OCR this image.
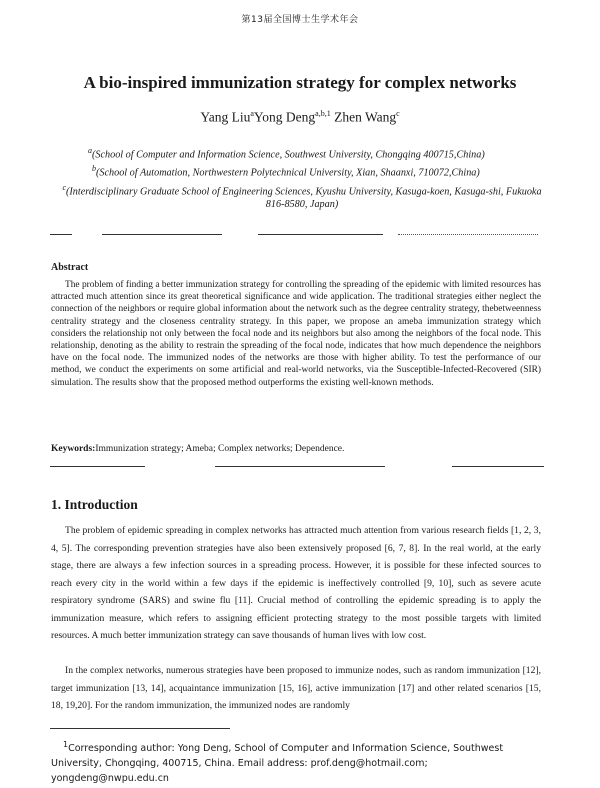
第13届全国博士生学术年会
A bio-inspired immunization strategy for complex networks
Yang Liu$^a$Yong Deng$^{a,b,1}$ Zhen Wang$^c$
$^a$(School of Computer and Information Science, Southwest University, Chongqing 400715,China)
$^b$(School of Automation, Northwestern Polytechnical University, Xian, Shaanxi, 710072,China)
$^c$(Interdisciplinary Graduate School of Engineering Sciences, Kyushu University, Kasuga-koen, Kasuga-shi, Fukuoka 816-8580, Japan)
Abstract
The problem of finding a better immunization strategy for controlling the spreading of the epidemic with limited resources has attracted much attention since its great theoretical significance and wide application. The traditional strategies either neglect the connection of the neighbors or require global information about the network such as the degree centrality strategy, thebetweenness centrality strategy and the closeness centrality strategy. In this paper, we propose an ameba immunization strategy which considers the relationship not only between the focal node and its neighbors but also among the neighbors of the focal node. This relationship, denoting as the ability to restrain the spreading of the focal node, indicates that how much dependence the neighbors have on the focal node. The immunized nodes of the networks are those with higher ability. To test the performance of our method, we conduct the experiments on some artificial and real-world networks, via the Susceptible-Infected-Recovered (SIR) simulation. The results show that the proposed method outperforms the existing well-known methods.
Keywords:Immunization strategy; Ameba; Complex networks; Dependence.
1. Introduction
The problem of epidemic spreading in complex networks has attracted much attention from various research fields [1, 2, 3, 4, 5]. The corresponding prevention strategies have also been extensively proposed [6, 7, 8]. In the real world, at the early stage, there are always a few infection sources in a spreading process. However, it is possible for these infected sources to reach every city in the world within a few days if the epidemic is ineffectively controlled [9, 10], such as severe acute respiratory syndrome (SARS) and swine flu [11]. Crucial method of controlling the epidemic spreading is to apply the immunization measure, which refers to assigning efficient protecting strategy to the most possible targets with limited resources. A much better immunization strategy can save thousands of human lives with low cost.
In the complex networks, numerous strategies have been proposed to immunize nodes, such as random immunization [12], target immunization [13, 14], acquaintance immunization [15, 16], active immunization [17] and other related scenarios [15, 18, 19,20]. For the random immunization, the immunized nodes are randomly
$^1$Corresponding author: Yong Deng, School of Computer and Information Science, Southwest University, Chongqing, 400715, China. Email address: prof.deng@hotmail.com; yongdeng@nwpu.edu.cn
